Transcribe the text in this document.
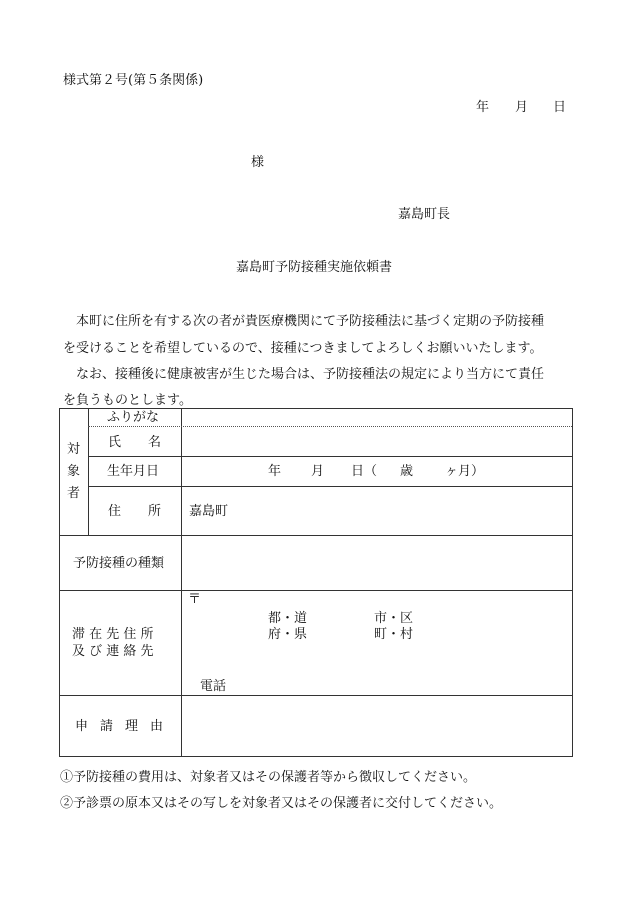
様式第２号(第５条関係)
年 月 日
様
嘉島町長
嘉島町予防接種実施依頼書
本町に住所を有する次の者が貴医療機関にて予防接種法に基づく定期の予防接種
を受けることを希望しているので、接種につきましてよろしくお願いいたします。
なお、接種後に健康被害が生じた場合は、予防接種法の規定により当方にて責任
を負うものとします。
対
象
者
ふりがな
氏 名
生年月日	年 月 日（ 歳 ヶ月）
住 所 嘉島町
予防接種の種類
滞 在 先 住 所
及 び 連 絡 先
〒
都・道
府・県
市・区
町・村
電話
申 請 理 由
①予防接種の費用は、対象者又はその保護者等から徴収してください。
②予診票の原本又はその写しを対象者又はその保護者に交付してください。
